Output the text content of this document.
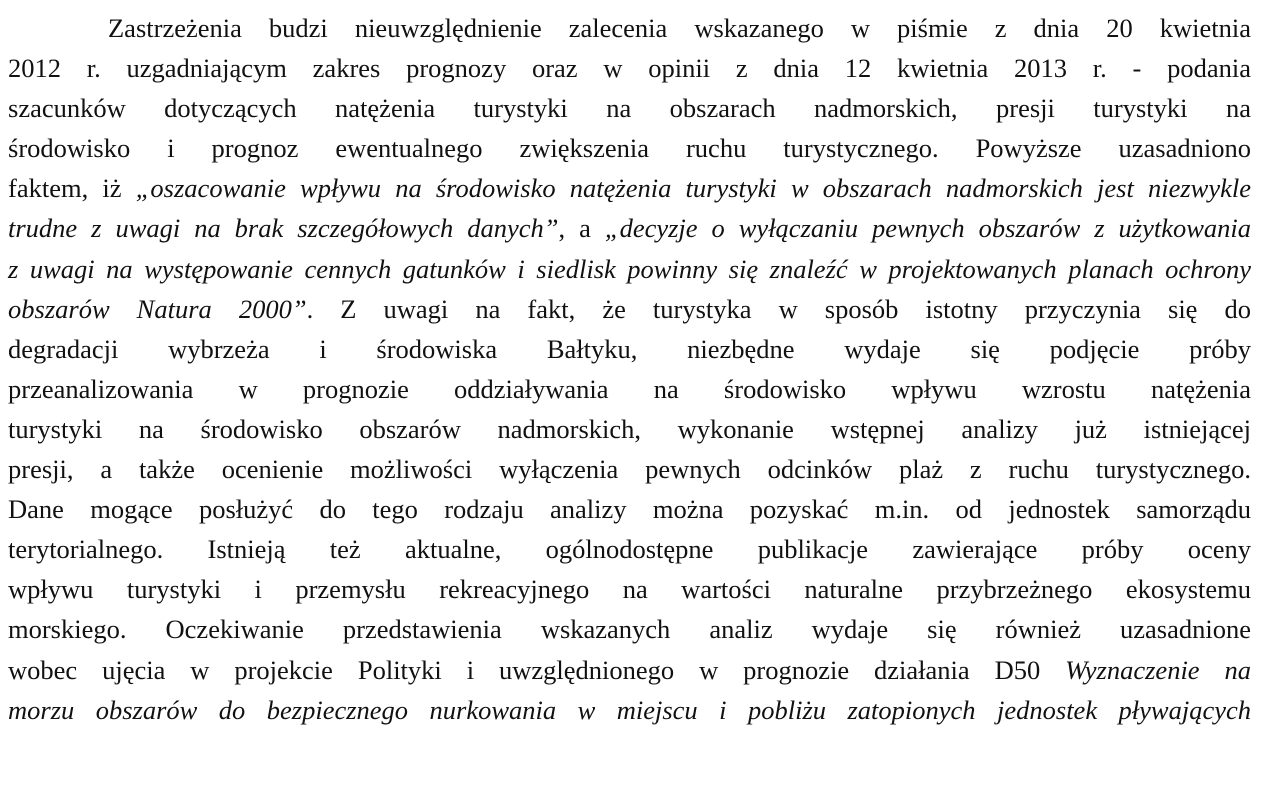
Zastrzeżenia budzi nieuwzględnienie zalecenia wskazanego w piśmie z dnia 20 kwietnia
2012 r. uzgadniającym zakres prognozy oraz w opinii z dnia 12 kwietnia 2013 r. - podania
szacunków dotyczących natężenia turystyki na obszarach nadmorskich, presji turystyki na
środowisko i prognoz ewentualnego zwiększenia ruchu turystycznego. Powyższe uzasadniono
faktem, iż „oszacowanie wpływu na środowisko natężenia turystyki w obszarach nadmorskich jest niezwykle
trudne z uwagi na brak szczegółowych danych”, a „decyzje o wyłączaniu pewnych obszarów z użytkowania
z uwagi na występowanie cennych gatunków i siedlisk powinny się znaleźć w projektowanych planach ochrony
obszarów Natura 2000”. Z uwagi na fakt, że turystyka w sposób istotny przyczynia się do
degradacji wybrzeża i środowiska Bałtyku, niezbędne wydaje się podjęcie próby
przeanalizowania w prognozie oddziaływania na środowisko wpływu wzrostu natężenia
turystyki na środowisko obszarów nadmorskich, wykonanie wstępnej analizy już istniejącej
presji, a także ocenienie możliwości wyłączenia pewnych odcinków plaż z ruchu turystycznego.
Dane mogące posłużyć do tego rodzaju analizy można pozyskać m.in. od jednostek samorządu
terytorialnego. Istnieją też aktualne, ogólnodostępne publikacje zawierające próby oceny
wpływu turystyki i przemysłu rekreacyjnego na wartości naturalne przybrzeżnego ekosystemu
morskiego. Oczekiwanie przedstawienia wskazanych analiz wydaje się również uzasadnione
wobec ujęcia w projekcie Polityki i uwzględnionego w prognozie działania D50 Wyznaczenie na
morzu obszarów do bezpiecznego nurkowania w miejscu i pobliżu zatopionych jednostek pływających
